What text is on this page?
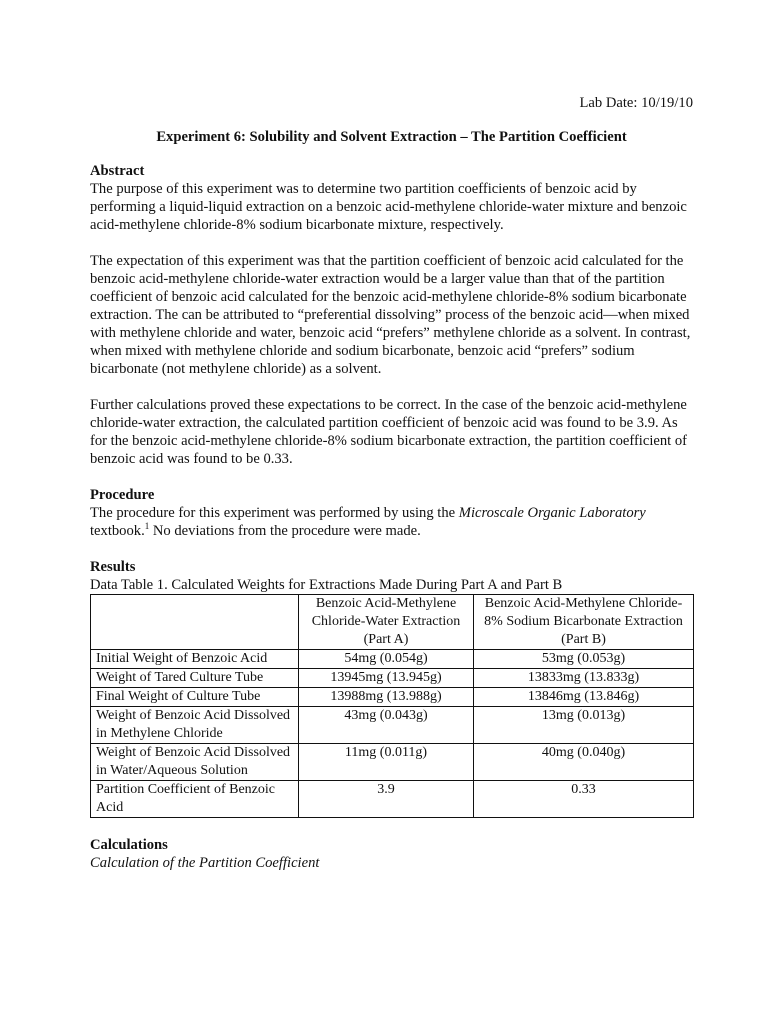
Lab Date: 10/19/10

Experiment 6: Solubility and Solvent Extraction – The Partition Coefficient

Abstract

The purpose of this experiment was to determine two partition coefficients of benzoic acid by performing a liquid-liquid extraction on a benzoic acid-methylene chloride-water mixture and benzoic acid-methylene chloride-8% sodium bicarbonate mixture, respectively.

The expectation of this experiment was that the partition coefficient of benzoic acid calculated for the benzoic acid-methylene chloride-water extraction would be a larger value than that of the partition coefficient of benzoic acid calculated for the benzoic acid-methylene chloride-8% sodium bicarbonate extraction. The can be attributed to “preferential dissolving” process of the benzoic acid—when mixed with methylene chloride and water, benzoic acid “prefers” methylene chloride as a solvent. In contrast, when mixed with methylene chloride and sodium bicarbonate, benzoic acid “prefers” sodium bicarbonate (not methylene chloride) as a solvent.

Further calculations proved these expectations to be correct. In the case of the benzoic acid-methylene chloride-water extraction, the calculated partition coefficient of benzoic acid was found to be 3.9. As for the benzoic acid-methylene chloride-8% sodium bicarbonate extraction, the partition coefficient of benzoic acid was found to be 0.33.

Procedure

The procedure for this experiment was performed by using the Microscale Organic Laboratory textbook.$^1$ No deviations from the procedure were made.

Results

Data Table 1. Calculated Weights for Extractions Made During Part A and Part B

	Benzoic Acid-Methylene Chloride-Water Extraction (Part A)	Benzoic Acid-Methylene Chloride-8% Sodium Bicarbonate Extraction (Part B)
Initial Weight of Benzoic Acid	54mg (0.054g)	53mg (0.053g)
Weight of Tared Culture Tube	13945mg (13.945g)	13833mg (13.833g)
Final Weight of Culture Tube	13988mg (13.988g)	13846mg (13.846g)
Weight of Benzoic Acid Dissolved in Methylene Chloride	43mg (0.043g)	13mg (0.013g)
Weight of Benzoic Acid Dissolved in Water/Aqueous Solution	11mg (0.011g)	40mg (0.040g)
Partition Coefficient of Benzoic Acid	3.9	0.33

Calculations

Calculation of the Partition Coefficient
